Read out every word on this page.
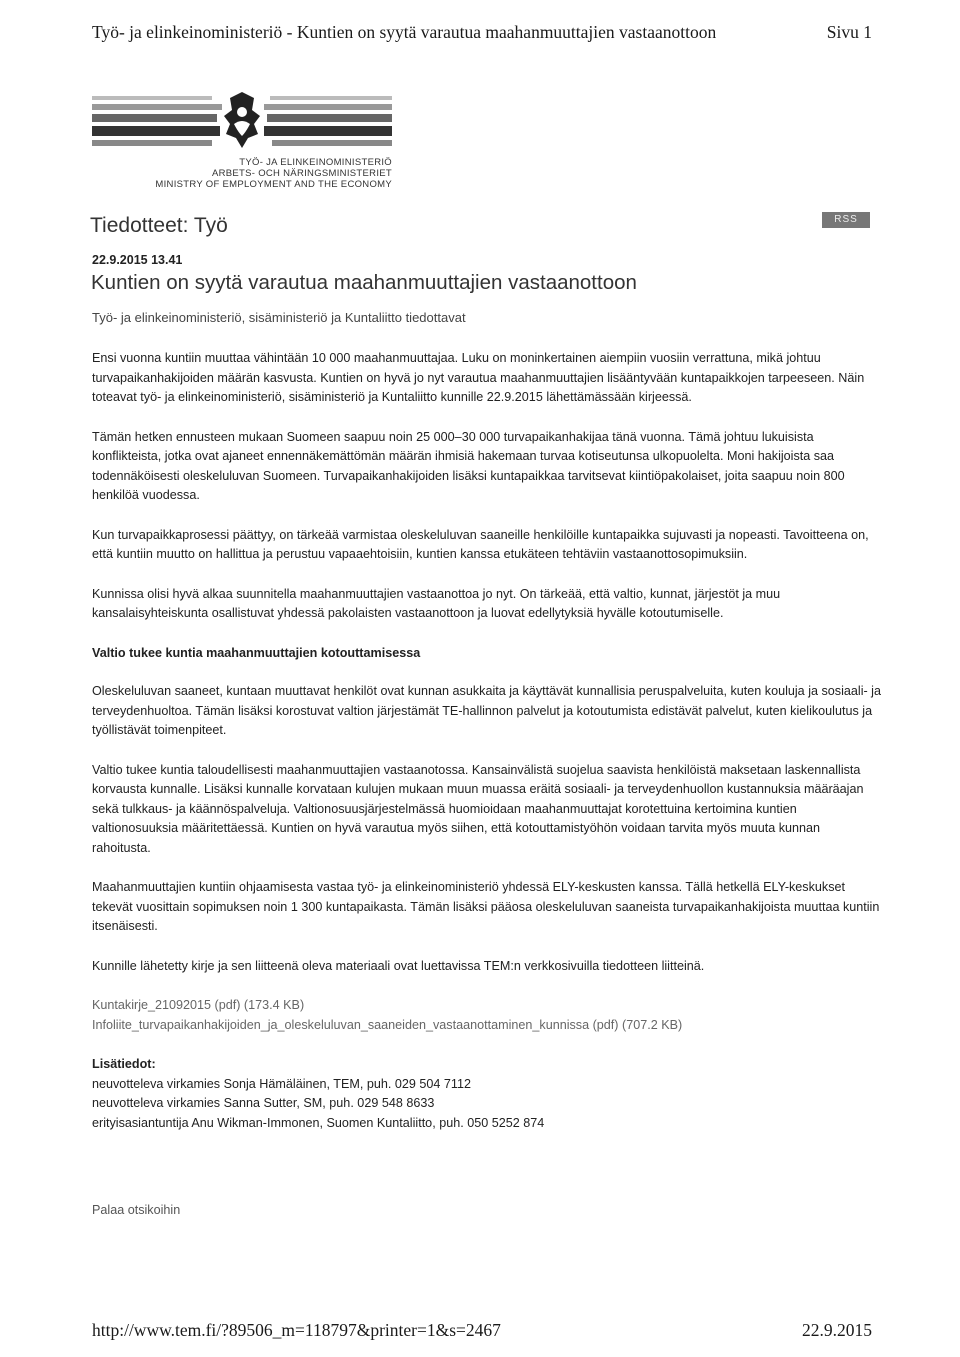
Työ- ja elinkeinoministeriö - Kuntien on syytä varautua maahanmuuttajien vastaanottoon	Sivu 1
TYÖ- JA ELINKEINOMINISTERIÖ
ARBETS- OCH NÄRINGSMINISTERIET
MINISTRY OF EMPLOYMENT AND THE ECONOMY
Tiedotteet: Työ	RSS
22.9.2015 13.41
Kuntien on syytä varautua maahanmuuttajien vastaanottoon
Työ- ja elinkeinoministeriö, sisäministeriö ja Kuntaliitto tiedottavat

Ensi vuonna kuntiin muuttaa vähintään 10 000 maahanmuuttajaa. Luku on moninkertainen aiempiin vuosiin verrattuna, mikä johtuu turvapaikanhakijoiden määrän kasvusta. Kuntien on hyvä jo nyt varautua maahanmuuttajien lisääntyvään kuntapaikkojen tarpeeseen. Näin toteavat työ- ja elinkeinoministeriö, sisäministeriö ja Kuntaliitto kunnille 22.9.2015 lähettämässään kirjeessä.

Tämän hetken ennusteen mukaan Suomeen saapuu noin 25 000–30 000 turvapaikanhakijaa tänä vuonna. Tämä johtuu lukuisista konflikteista, jotka ovat ajaneet ennennäkemättömän määrän ihmisiä hakemaan turvaa kotiseutunsa ulkopuolelta. Moni hakijoista saa todennäköisesti oleskeluluvan Suomeen. Turvapaikanhakijoiden lisäksi kuntapaikkaa tarvitsevat kiintiöpakolaiset, joita saapuu noin 800 henkilöä vuodessa.

Kun turvapaikkaprosessi päättyy, on tärkeää varmistaa oleskeluluvan saaneille henkilöille kuntapaikka sujuvasti ja nopeasti. Tavoitteena on, että kuntiin muutto on hallittua ja perustuu vapaaehtoisiin, kuntien kanssa etukäteen tehtäviin vastaanottosopimuksiin.

Kunnissa olisi hyvä alkaa suunnitella maahanmuuttajien vastaanottoa jo nyt. On tärkeää, että valtio, kunnat, järjestöt ja muu kansalaisyhteiskunta osallistuvat yhdessä pakolaisten vastaanottoon ja luovat edellytyksiä hyvälle kotoutumiselle.

Valtio tukee kuntia maahanmuuttajien kotouttamisessa

Oleskeluluvan saaneet, kuntaan muuttavat henkilöt ovat kunnan asukkaita ja käyttävät kunnallisia peruspalveluita, kuten kouluja ja sosiaali- ja terveydenhuoltoa. Tämän lisäksi korostuvat valtion järjestämät TE-hallinnon palvelut ja kotoutumista edistävät palvelut, kuten kielikoulutus ja työllistävät toimenpiteet.

Valtio tukee kuntia taloudellisesti maahanmuuttajien vastaanotossa. Kansainvälistä suojelua saavista henkilöistä maksetaan laskennallista korvausta kunnalle. Lisäksi kunnalle korvataan kulujen mukaan muun muassa eräitä sosiaali- ja terveydenhuollon kustannuksia määräajan sekä tulkkaus- ja käännöspalveluja. Valtionosuusjärjestelmässä huomioidaan maahanmuuttajat korotettuina kertoimina kuntien valtionosuuksia määritettäessä. Kuntien on hyvä varautua myös siihen, että kotouttamistyöhön voidaan tarvita myös muuta kunnan rahoitusta.

Maahanmuuttajien kuntiin ohjaamisesta vastaa työ- ja elinkeinoministeriö yhdessä ELY-keskusten kanssa. Tällä hetkellä ELY-keskukset tekevät vuosittain sopimuksen noin 1 300 kuntapaikasta. Tämän lisäksi pääosa oleskeluluvan saaneista turvapaikanhakijoista muuttaa kuntiin itsenäisesti.

Kunnille lähetetty kirje ja sen liitteenä oleva materiaali ovat luettavissa TEM:n verkkosivuilla tiedotteen liitteinä.

Kuntakirje_21092015 (pdf) (173.4 KB)
Infoliite_turvapaikanhakijoiden_ja_oleskeluluvan_saaneiden_vastaanottaminen_kunnissa (pdf) (707.2 KB)
Lisätiedot:
neuvotteleva virkamies Sonja Hämäläinen, TEM, puh. 029 504 7112
neuvotteleva virkamies Sanna Sutter, SM, puh. 029 548 8633
erityisasiantuntija Anu Wikman-Immonen, Suomen Kuntaliitto, puh. 050 5252 874
Palaa otsikoihin
http://www.tem.fi/?89506_m=118797&printer=1&s=2467	22.9.2015
